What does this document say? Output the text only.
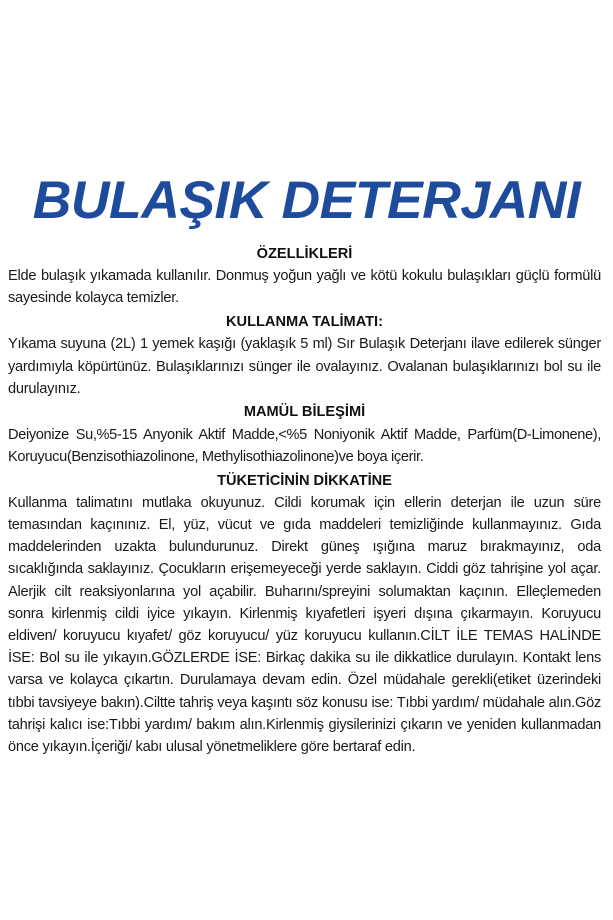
BULAŞIK DETERJANI
ÖZELLİKLERİ

Elde bulaşık yıkamada kullanılır. Donmuş yoğun yağlı ve kötü kokulu bulaşıkları güçlü formülü sayesinde kolayca temizler.

KULLANMA TALİMATI:

Yıkama suyuna (2L) 1 yemek kaşığı (yaklaşık 5 ml) Sır Bulaşık Deterjanı ilave edilerek sünger yardımıyla köpürtünüz. Bulaşıklarınızı sünger ile ovalayınız. Ovalanan bulaşıklarınızı bol su ile durulayınız.

MAMÜL BİLEŞİMİ

Deiyonize Su,%5-15 Anyonik Aktif Madde,<%5 Noniyonik Aktif Madde, Parfüm(D-Limonene), Koruyucu(Benzisothiazolinone, Methylisothiazolinone)ve boya içerir.

TÜKETİCİNİN DİKKATİNE

Kullanma talimatını mutlaka okuyunuz. Cildi korumak için ellerin deterjan ile uzun süre temasından kaçınınız. El, yüz, vücut ve gıda maddeleri temizliğinde kullanmayınız. Gıda maddelerinden uzakta bulundurunuz. Direkt güneş ışığına maruz bırakmayınız, oda sıcaklığında saklayınız. Çocukların erişemeyeceği yerde saklayın. Ciddi göz tahrişine yol açar. Alerjik cilt reaksiyonlarına yol açabilir. Buharını/spreyini solumaktan kaçının. Elleçlemeden sonra kirlenmiş cildi iyice yıkayın. Kirlenmiş kıyafetleri işyeri dışına çıkarmayın. Koruyucu eldiven/ koruyucu kıyafet/ göz koruyucu/ yüz koruyucu kullanın.CİLT İLE TEMAS HALİNDE İSE: Bol su ile yıkayın.GÖZLERDE İSE: Birkaç dakika su ile dikkatlice durulayın. Kontakt lens varsa ve kolayca çıkartın. Durulamaya devam edin. Özel müdahale gerekli(etiket üzerindeki tıbbi tavsiyeye bakın).Ciltte tahriş veya kaşıntı söz konusu ise: Tıbbi yardım/ müdahale alın.Göz tahrişi kalıcı ise:Tıbbi yardım/ bakım alın.Kirlenmiş giysilerinizi çıkarın ve yeniden kullanmadan önce yıkayın.İçeriği/ kabı ulusal yönetmeliklere göre bertaraf edin.
